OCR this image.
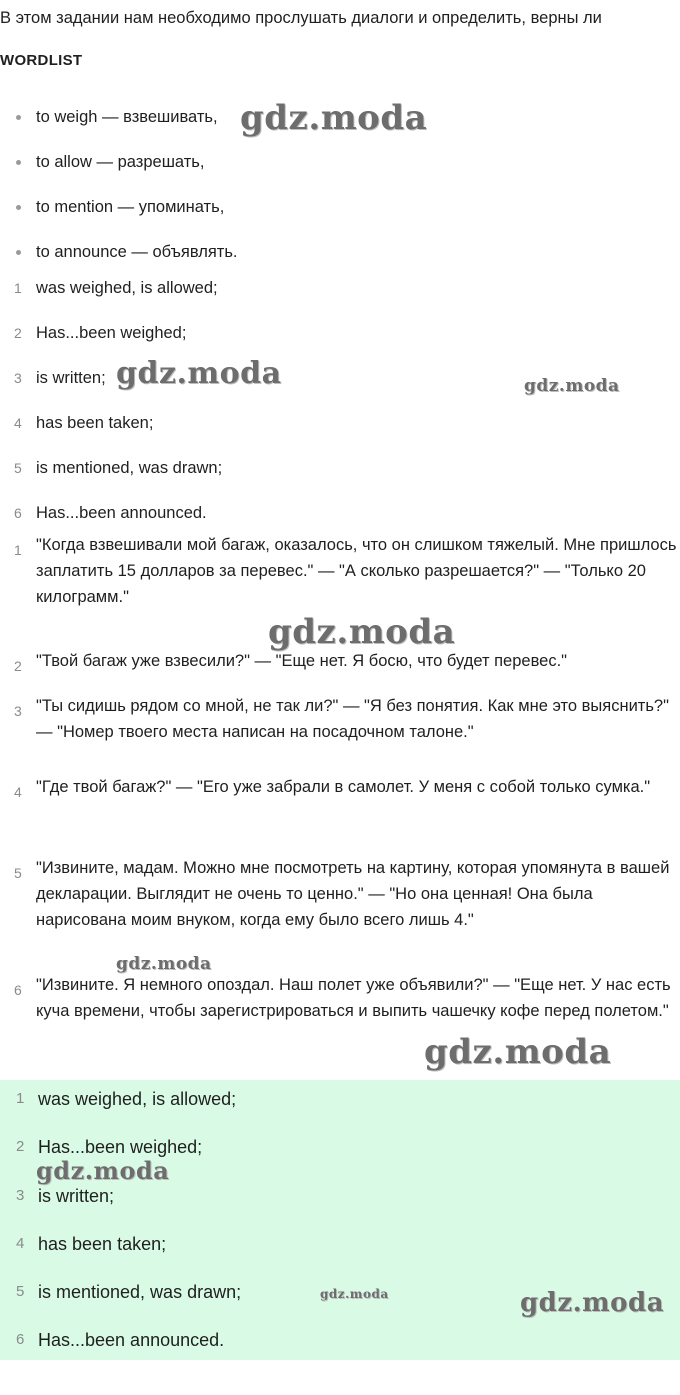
В этом задании нам необходимо прослушать диалоги и определить, верны ли
WORDLIST
to weigh — взвешивать,
to allow — разрешать,
to mention — упоминать,
to announce — объявлять.
1 was weighed, is allowed;
2 Has...been weighed;
3 is written;
4 has been taken;
5 is mentioned, was drawn;
6 Has...been announced.
1 "Когда взвешивали мой багаж, оказалось, что он слишком тяжелый. Мне пришлось заплатить 15 долларов за перевес." — "А сколько разрешается?" — "Только 20 килограмм."
2 "Твой багаж уже взвесили?" — "Еще нет. Я босю, что будет перевес."
3 "Ты сидишь рядом со мной, не так ли?" — "Я без понятия. Как мне это выяснить?" — "Номер твоего места написан на посадочном талоне."
4 "Где твой багаж?" — "Его уже забрали в самолет. У меня с собой только сумка."
5 "Извините, мадам. Можно мне посмотреть на картину, которая упомянута в вашей декларации. Выглядит не очень то ценно." — "Но она ценная! Она была нарисована моим внуком, когда ему было всего лишь 4."
6 "Извините. Я немного опоздал. Наш полет уже объявили?" — "Еще нет. У нас есть куча времени, чтобы зарегистрироваться и выпить чашечку кофе перед полетом."
1 was weighed, is allowed;
2 Has...been weighed;
3 is written;
4 has been taken;
5 is mentioned, was drawn;
6 Has...been announced.
gdz.moda
gdz.moda	gdz.moda
gdz.moda
gdz.moda
gdz.moda
gdz.moda
gdz.moda	gdz.moda
